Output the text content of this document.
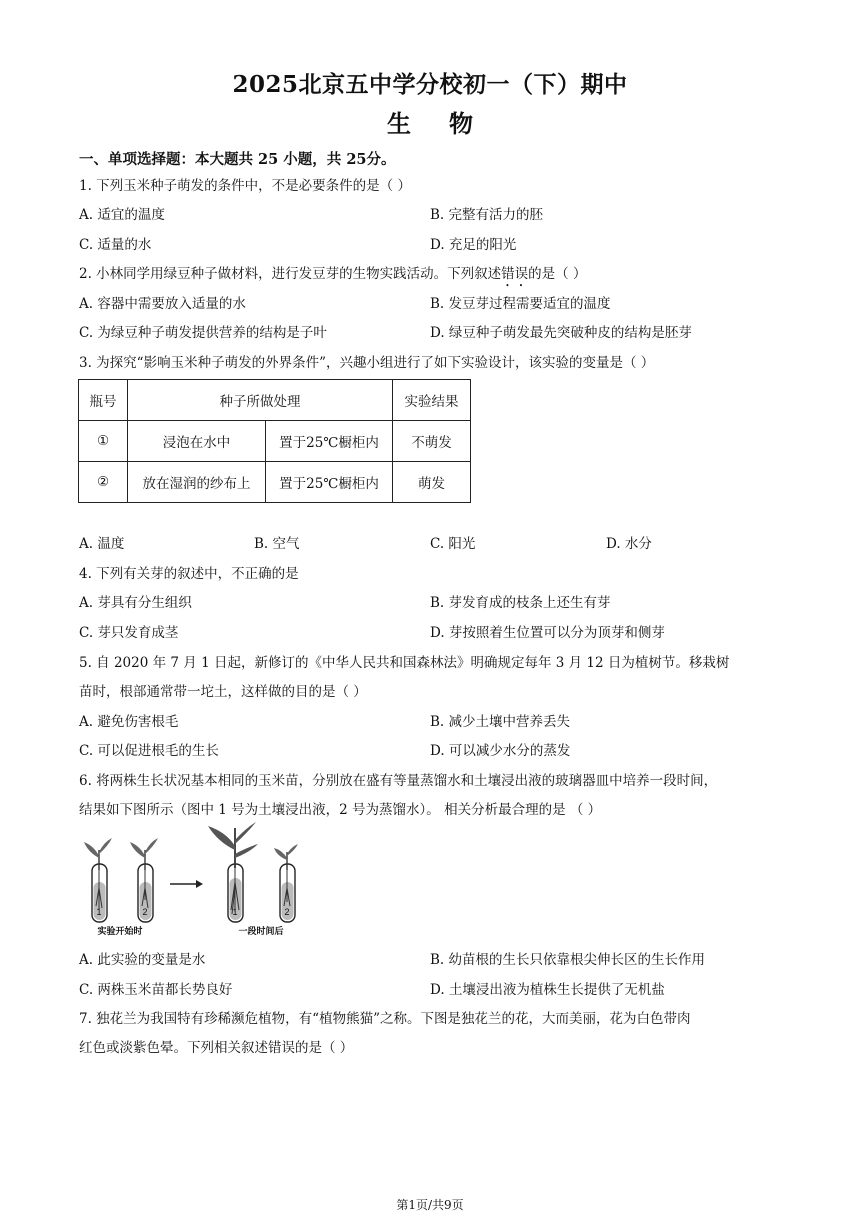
2025北京五中学分校初一（下）期中
生物
一、单项选择题：本大题共 25 小题，共 25分。
1. 下列玉米种子萌发的条件中，不是必要条件的是（ ）
A. 适宜的温度	B. 完整有活力的胚
C. 适量的水	D. 充足的阳光
2. 小林同学用绿豆种子做材料，进行发豆芽的生物实践活动。下列叙述错误的是（ ）
A. 容器中需要放入适量的水	B. 发豆芽过程需要适宜的温度
C. 为绿豆种子萌发提供营养的结构是子叶	D. 绿豆种子萌发最先突破种皮的结构是胚芽
3. 为探究“影响玉米种子萌发的外界条件”，兴趣小组进行了如下实验设计，该实验的变量是（ ）
瓶号	种子所做处理		实验结果
①	浸泡在水中	置于25℃橱柜内	不萌发
②	放在湿润的纱布上	置于25℃橱柜内	萌发
A. 温度	B. 空气	C. 阳光	D. 水分
4. 下列有关芽的叙述中，不正确的是
A. 芽具有分生组织	B. 芽发育成的枝条上还生有芽
C. 芽只发育成茎	D. 芽按照着生位置可以分为顶芽和侧芽
5. 自 2020 年 7 月 1 日起，新修订的《中华人民共和国森林法》明确规定每年 3 月 12 日为植树节。移栽树
苗时，根部通常带一坨土，这样做的目的是（ ）
A. 避免伤害根毛	B. 减少土壤中营养丢失
C. 可以促进根毛的生长	D. 可以减少水分的蒸发
6. 将两株生长状况基本相同的玉米苗，分别放在盛有等量蒸馏水和土壤浸出液的玻璃器皿中培养一段时间，
结果如下图所示（图中 1 号为土壤浸出液，2 号为蒸馏水）。 相关分析最合理的是 （ ）
1	2
实验开始时
1	2
一段时间后
A. 此实验的变量是水	B. 幼苗根的生长只依靠根尖伸长区的生长作用
C. 两株玉米苗都长势良好	D. 土壤浸出液为植株生长提供了无机盐
7. 独花兰为我国特有珍稀濒危植物，有“植物熊猫”之称。下图是独花兰的花，大而美丽，花为白色带肉
红色或淡紫色晕。下列相关叙述错误的是（ ）
第1页/共9页
